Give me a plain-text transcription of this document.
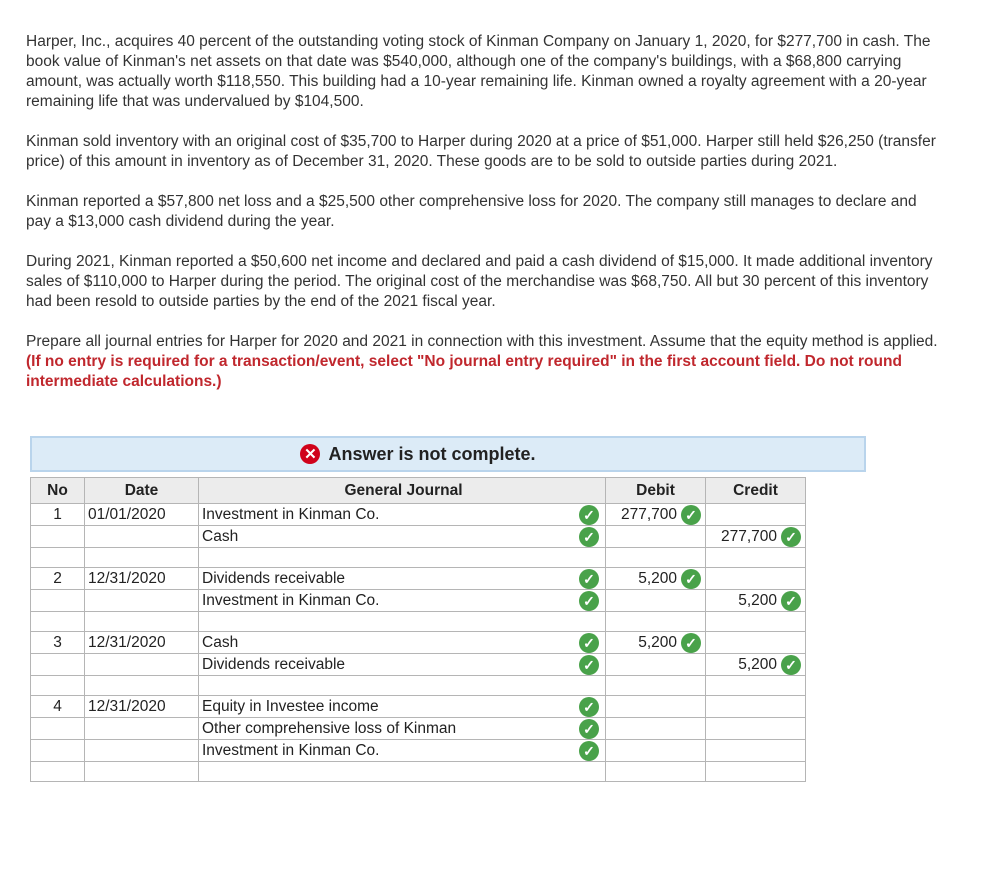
Harper, Inc., acquires 40 percent of the outstanding voting stock of Kinman Company on January 1, 2020, for $277,700 in cash. The book value of Kinman's net assets on that date was $540,000, although one of the company's buildings, with a $68,800 carrying amount, was actually worth $118,550. This building had a 10-year remaining life. Kinman owned a royalty agreement with a 20-year remaining life that was undervalued by $104,500.

Kinman sold inventory with an original cost of $35,700 to Harper during 2020 at a price of $51,000. Harper still held $26,250 (transfer price) of this amount in inventory as of December 31, 2020. These goods are to be sold to outside parties during 2021.

Kinman reported a $57,800 net loss and a $25,500 other comprehensive loss for 2020. The company still manages to declare and pay a $13,000 cash dividend during the year.

During 2021, Kinman reported a $50,600 net income and declared and paid a cash dividend of $15,000. It made additional inventory sales of $110,000 to Harper during the period. The original cost of the merchandise was $68,750. All but 30 percent of this inventory had been resold to outside parties by the end of the 2021 fiscal year.

Prepare all journal entries for Harper for 2020 and 2021 in connection with this investment. Assume that the equity method is applied. (If no entry is required for a transaction/event, select "No journal entry required" in the first account field. Do not round intermediate calculations.)

✕ Answer is not complete.
No	Date	General Journal	Debit	Credit
1	01/01/2020	Investment in Kinman Co. ✓	277,700 ✓	

		Cash ✓		277,700 ✓

2	12/31/2020	Dividends receivable ✓	5,200 ✓	

		Investment in Kinman Co. ✓		5,200 ✓

3	12/31/2020	Cash ✓	5,200 ✓	

		Dividends receivable ✓		5,200 ✓

4	12/31/2020	Equity in Investee income ✓		

		Other comprehensive loss of Kinman ✓		

		Investment in Kinman Co. ✓		
